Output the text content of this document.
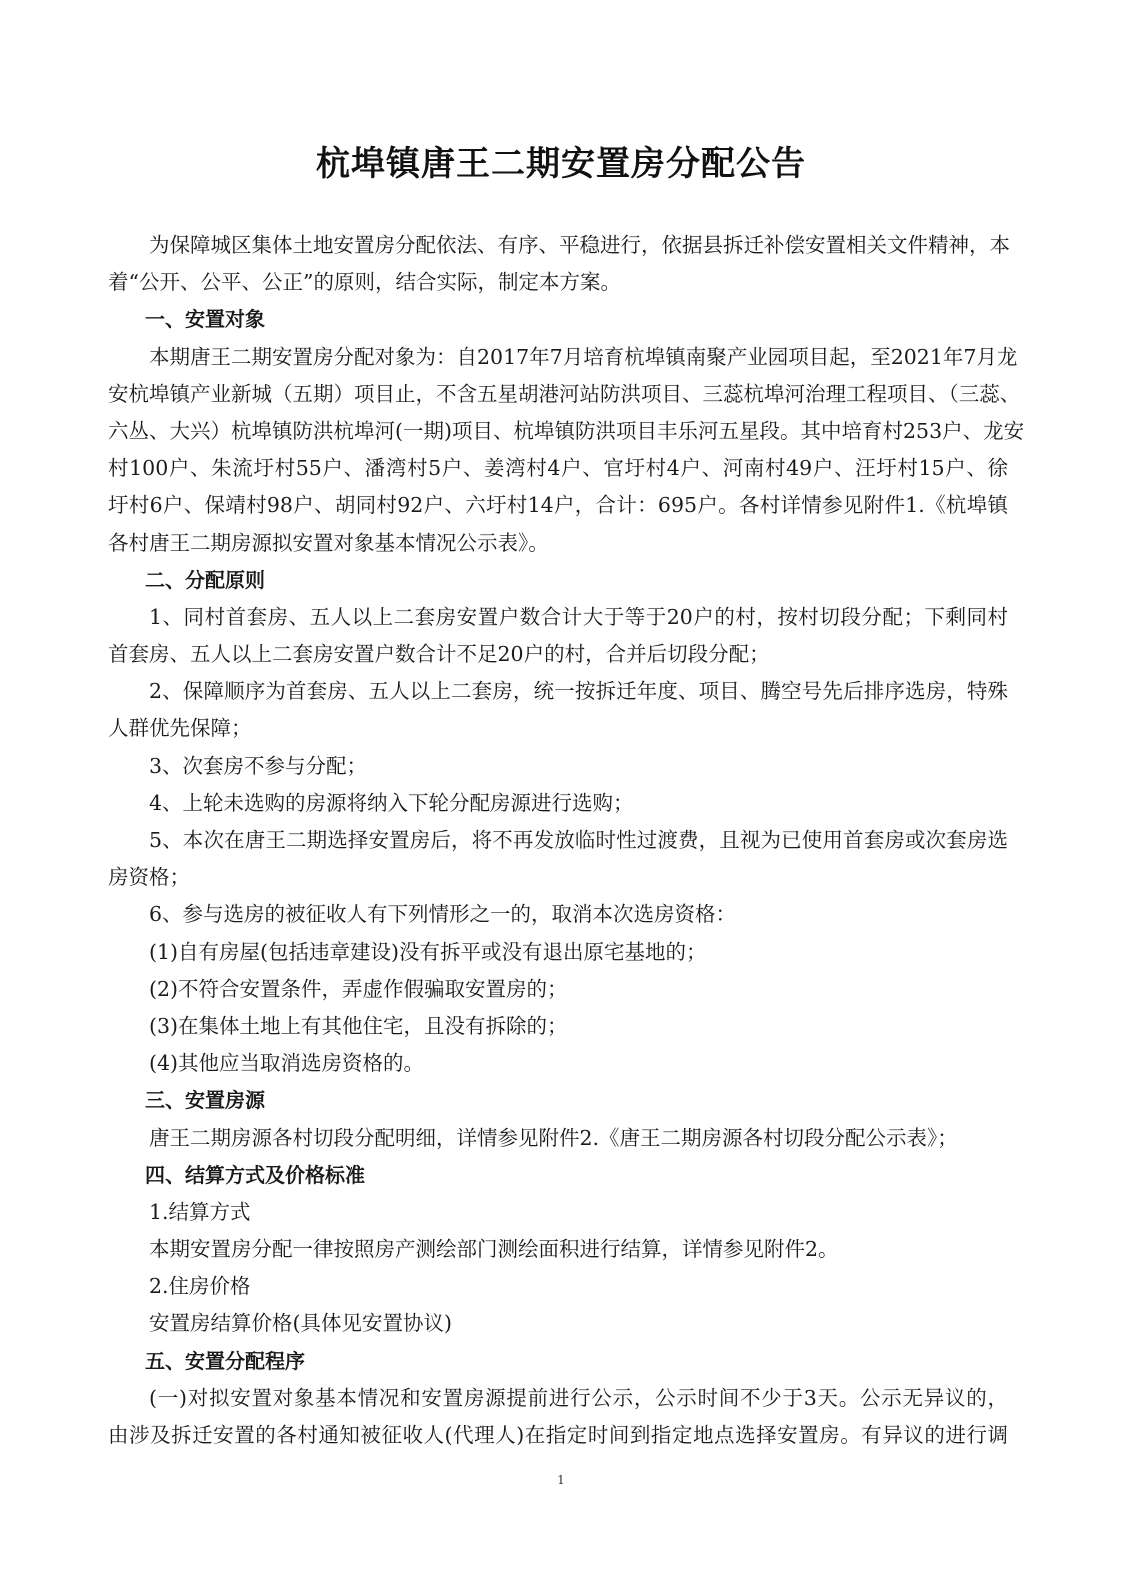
杭埠镇唐王二期安置房分配公告
为保障城区集体土地安置房分配依法、有序、平稳进行，依据县拆迁补偿安置相关文件精神，本
着“公开、公平、公正”的原则，结合实际，制定本方案。
一、安置对象
本期唐王二期安置房分配对象为：自2017年7月培育杭埠镇南聚产业园项目起，至2021年7月龙
安杭埠镇产业新城（五期）项目止，不含五星胡港河站防洪项目、三蕊杭埠河治理工程项目、（三蕊、
六丛、大兴）杭埠镇防洪杭埠河(一期)项目、杭埠镇防洪项目丰乐河五星段。其中培育村253户、龙安
村100户、朱流圩村55户、潘湾村5户、姜湾村4户、官圩村4户、河南村49户、汪圩村15户、徐
圩村6户、保靖村98户、胡同村92户、六圩村14户，合计：695户。各村详情参见附件1.《杭埠镇
各村唐王二期房源拟安置对象基本情况公示表》。
二、分配原则
1、同村首套房、五人以上二套房安置户数合计大于等于20户的村，按村切段分配；下剩同村
首套房、五人以上二套房安置户数合计不足20户的村，合并后切段分配；
2、保障顺序为首套房、五人以上二套房，统一按拆迁年度、项目、腾空号先后排序选房，特殊
人群优先保障；
3、次套房不参与分配；
4、上轮未选购的房源将纳入下轮分配房源进行选购；
5、本次在唐王二期选择安置房后，将不再发放临时性过渡费，且视为已使用首套房或次套房选
房资格；
6、参与选房的被征收人有下列情形之一的，取消本次选房资格：
(1)自有房屋(包括违章建设)没有拆平或没有退出原宅基地的；
(2)不符合安置条件，弄虚作假骗取安置房的；
(3)在集体土地上有其他住宅，且没有拆除的；
(4)其他应当取消选房资格的。
三、安置房源
唐王二期房源各村切段分配明细，详情参见附件2.《唐王二期房源各村切段分配公示表》；
四、结算方式及价格标准
1.结算方式
本期安置房分配一律按照房产测绘部门测绘面积进行结算，详情参见附件2。
2.住房价格
安置房结算价格(具体见安置协议)
五、安置分配程序
(一)对拟安置对象基本情况和安置房源提前进行公示，公示时间不少于3天。公示无异议的，
由涉及拆迁安置的各村通知被征收人(代理人)在指定时间到指定地点选择安置房。有异议的进行调
1
